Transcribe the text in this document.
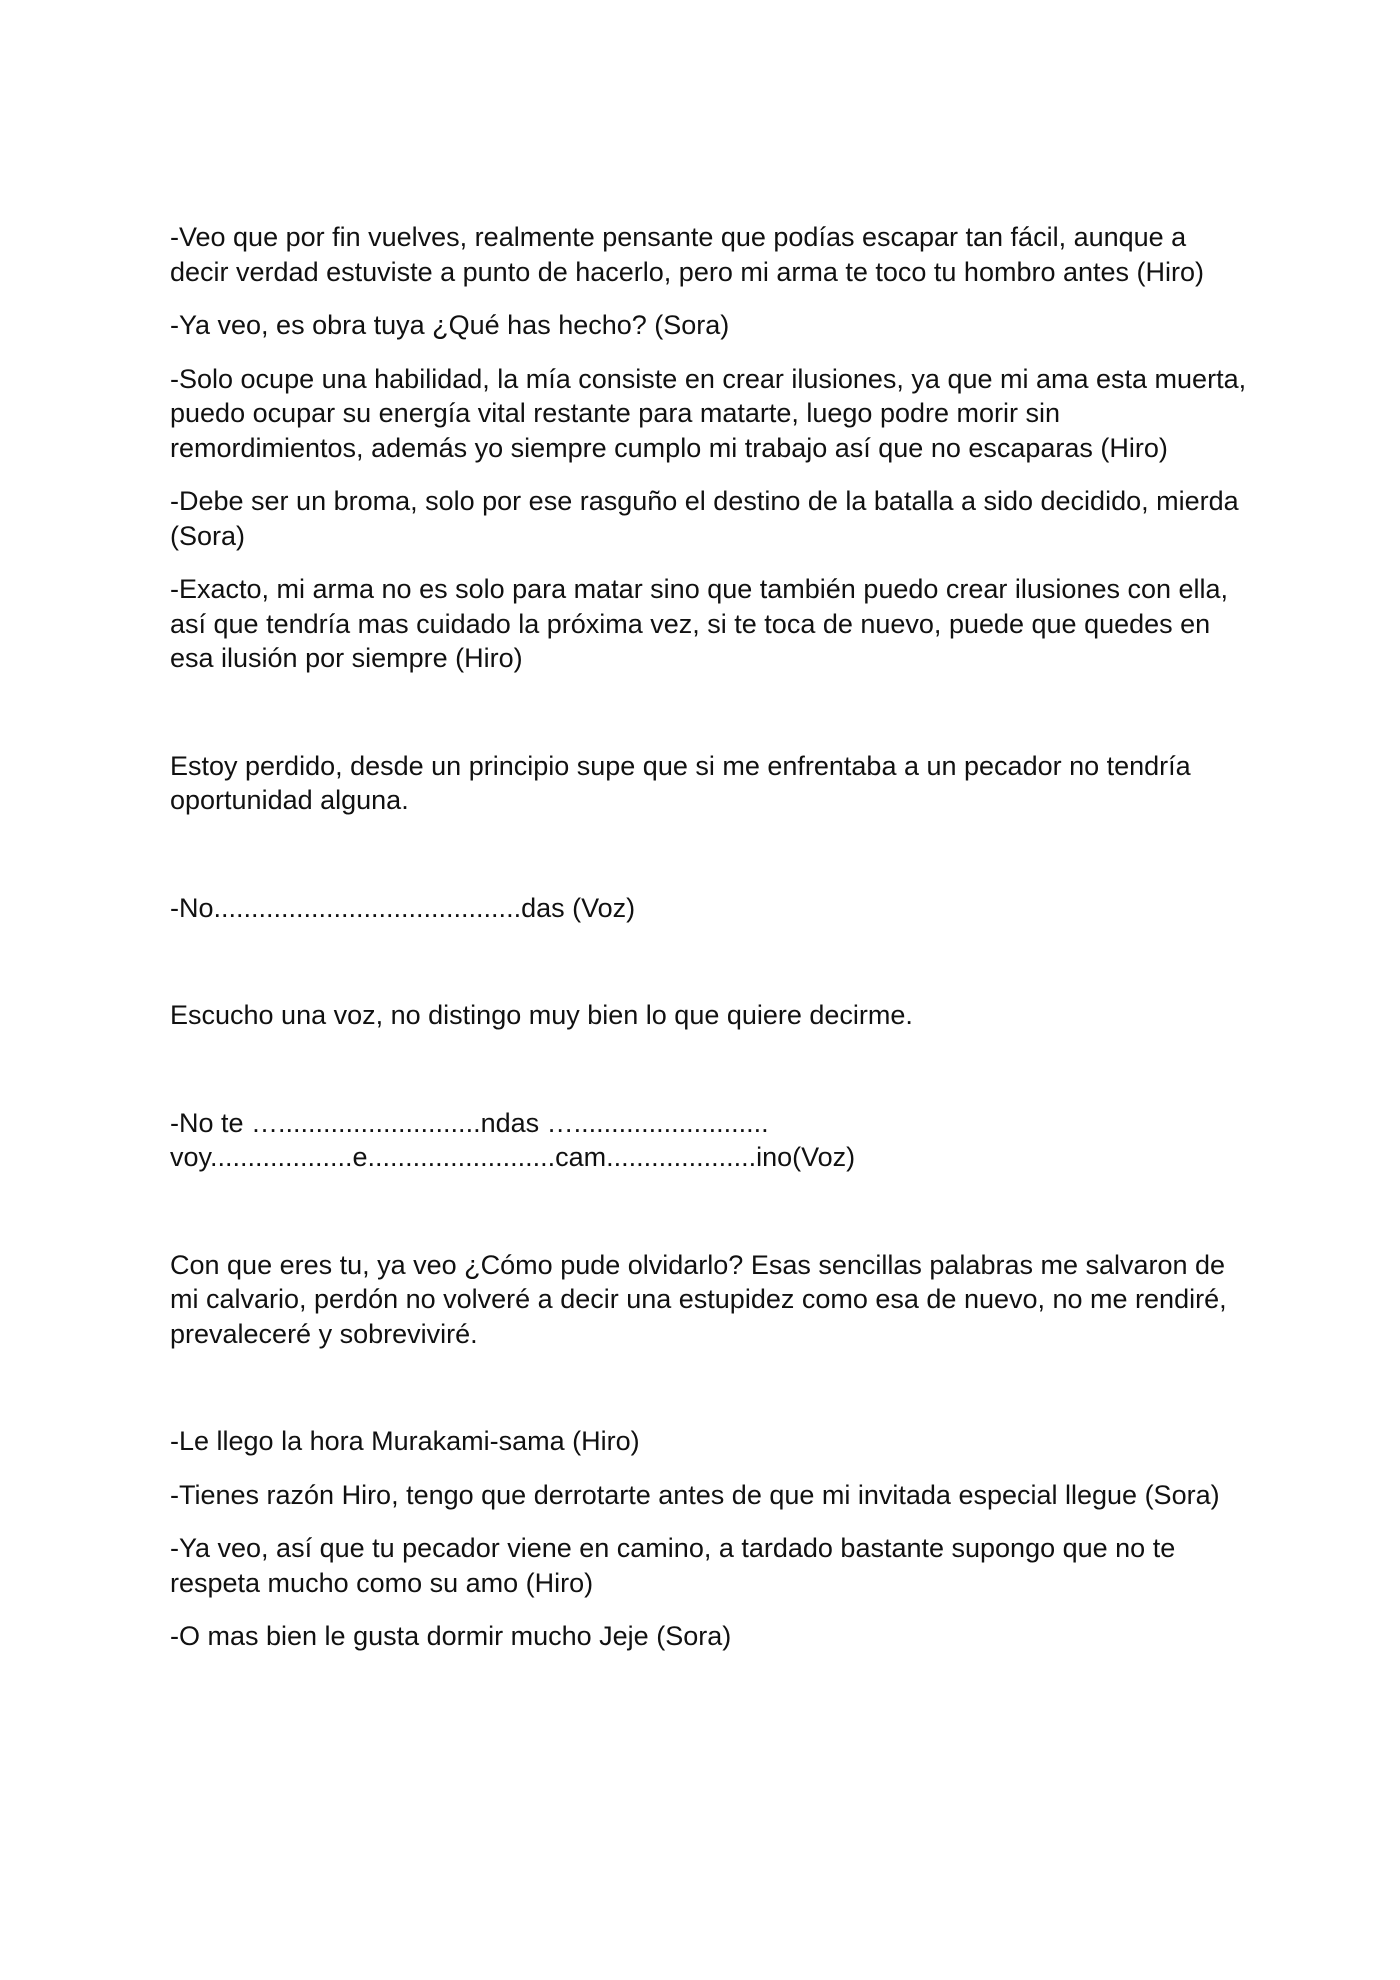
-Veo que por fin vuelves, realmente pensante que podías escapar tan fácil, aunque a decir verdad estuviste a punto de hacerlo, pero mi arma te toco tu hombro antes (Hiro)

-Ya veo, es obra tuya ¿Qué has hecho? (Sora)

-Solo ocupe una habilidad, la mía consiste en crear ilusiones, ya que mi ama esta muerta, puedo ocupar su energía vital restante para matarte, luego podre morir sin remordimientos, además yo siempre cumplo mi trabajo así que no escaparas (Hiro)

-Debe ser un broma, solo por ese rasguño el destino de la batalla a sido decidido, mierda (Sora)

-Exacto, mi arma no es solo para matar sino que también puedo crear ilusiones con ella, así que tendría mas cuidado la próxima vez, si te toca de nuevo, puede que quedes en esa ilusión por siempre (Hiro)

Estoy perdido, desde un principio supe que si me enfrentaba a un pecador no tendría oportunidad alguna.

-No.........................................das (Voz)

Escucho una voz, no distingo muy bien lo que quiere decirme.

-No te …...........................ndas ….......................... voy...................e.........................cam....................ino(Voz)

Con que eres tu, ya veo ¿Cómo pude olvidarlo? Esas sencillas palabras me salvaron de mi calvario, perdón no volveré a decir una estupidez como esa de nuevo, no me rendiré, prevaleceré y sobreviviré.

-Le llego la hora Murakami-sama (Hiro)

-Tienes razón Hiro, tengo que derrotarte antes de que mi invitada especial llegue (Sora)

-Ya veo, así que tu pecador viene en camino, a tardado bastante supongo que no te respeta mucho como su amo (Hiro)

-O mas bien le gusta dormir mucho Jeje (Sora)
